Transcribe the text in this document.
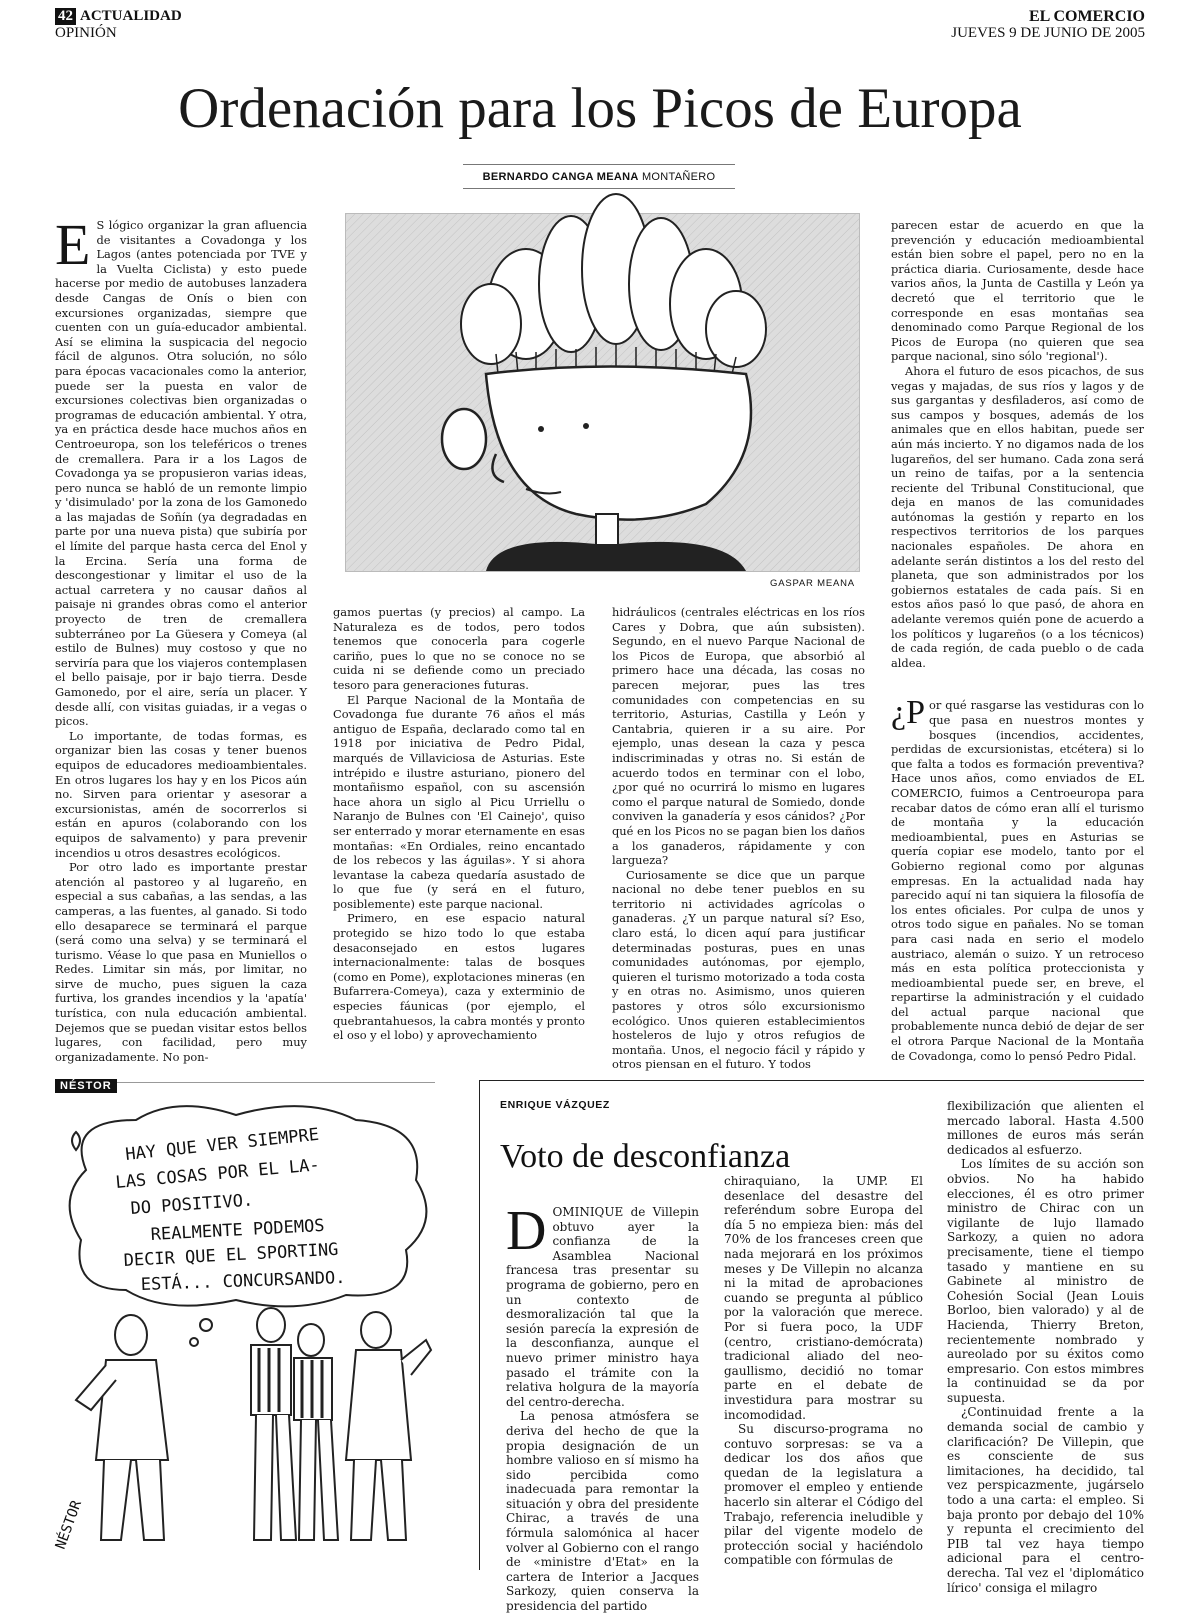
42 ACTUALIDAD
OPINIÓN
EL COMERCIO
JUEVES 9 DE JUNIO DE 2005
Ordenación para los Picos de Europa
BERNARDO CANGA MEANA MONTAÑERO

E S lógico organizar la gran afluencia de visitantes a Covadonga y los Lagos (antes potenciada por TVE y la Vuelta Ciclista) y esto puede hacerse por medio de autobuses lanzadera desde Cangas de Onís o bien con excursiones organizadas, siempre que cuenten con un guía-educador ambiental. Así se elimina la suspicacia del negocio fácil de algunos. Otra solución, no sólo para épocas vacacionales como la anterior, puede ser la puesta en valor de excursiones colectivas bien organizadas o programas de educación ambiental. Y otra, ya en práctica desde hace muchos años en Centroeuropa, son los teleféricos o trenes de cremallera. Para ir a los Lagos de Covadonga ya se propusieron varias ideas, pero nunca se habló de un remonte limpio y 'disimulado' por la zona de los Gamonedo a las majadas de Soñín (ya degradadas en parte por una nueva pista) que subiría por el límite del parque hasta cerca del Enol y la Ercina. Sería una forma de descongestionar y limitar el uso de la actual carretera y no causar daños al paisaje ni grandes obras como el anterior proyecto de tren de cremallera subterráneo por La Güesera y Comeya (al estilo de Bulnes) muy costoso y que no serviría para que los viajeros contemplasen el bello paisaje, por ir bajo tierra. Desde Gamonedo, por el aire, sería un placer. Y desde allí, con visitas guiadas, ir a vegas o picos.

Lo importante, de todas formas, es organizar bien las cosas y tener buenos equipos de educadores medioambientales. En otros lugares los hay y en los Picos aún no. Sirven para orientar y asesorar a excursionistas, amén de socorrerlos si están en apuros (colaborando con los equipos de salvamento) y para prevenir incendios u otros desastres ecológicos.

Por otro lado es importante prestar atención al pastoreo y al lugareño, en especial a sus cabañas, a las sendas, a las camperas, a las fuentes, al ganado. Si todo ello desaparece se terminará el parque (será como una selva) y se terminará el turismo. Véase lo que pasa en Muniellos o Redes. Limitar sin más, por limitar, no sirve de mucho, pues siguen la caza furtiva, los grandes incendios y la 'apatía' turística, con nula educación ambiental. Dejemos que se puedan visitar estos bellos lugares, con facilidad, pero muy organizadamente. No pon-

GASPAR MEANA

gamos puertas (y precios) al campo. La Naturaleza es de todos, pero todos tenemos que conocerla para cogerle cariño, pues lo que no se conoce no se cuida ni se defiende como un preciado tesoro para generaciones futuras.

El Parque Nacional de la Montaña de Covadonga fue durante 76 años el más antiguo de España, declarado como tal en 1918 por iniciativa de Pedro Pidal, marqués de Villaviciosa de Asturias. Este intrépido e ilustre asturiano, pionero del montañismo español, con su ascensión hace ahora un siglo al Picu Urriellu o Naranjo de Bulnes con 'El Cainejo', quiso ser enterrado y morar eternamente en esas montañas: «En Ordiales, reino encantado de los rebecos y las águilas». Y si ahora levantase la cabeza quedaría asustado de lo que fue (y será en el futuro, posiblemente) este parque nacional.

Primero, en ese espacio natural protegido se hizo todo lo que estaba desaconsejado en estos lugares internacionalmente: talas de bosques (como en Pome), explotaciones mineras (en Bufarrera-Comeya), caza y exterminio de especies fáunicas (por ejemplo, el quebrantahuesos, la cabra montés y pronto el oso y el lobo) y aprovechamiento

hidráulicos (centrales eléctricas en los ríos Cares y Dobra, que aún subsisten). Segundo, en el nuevo Parque Nacional de los Picos de Europa, que absorbió al primero hace una década, las cosas no parecen mejorar, pues las tres comunidades con competencias en su territorio, Asturias, Castilla y León y Cantabria, quieren ir a su aire. Por ejemplo, unas desean la caza y pesca indiscriminadas y otras no. Si están de acuerdo todos en terminar con el lobo, ¿por qué no ocurrirá lo mismo en lugares como el parque natural de Somiedo, donde conviven la ganadería y esos cánidos? ¿Por qué en los Picos no se pagan bien los daños a los ganaderos, rápidamente y con largueza?

Curiosamente se dice que un parque nacional no debe tener pueblos en su territorio ni actividades agrícolas o ganaderas. ¿Y un parque natural sí? Eso, claro está, lo dicen aquí para justificar determinadas posturas, pues en unas comunidades autónomas, por ejemplo, quieren el turismo motorizado a toda costa y en otras no. Asimismo, unos quieren pastores y otros sólo excursionismo ecológico. Unos quieren establecimientos hosteleros de lujo y otros refugios de montaña. Unos, el negocio fácil y rápido y otros piensan en el futuro. Y todos

parecen estar de acuerdo en que la prevención y educación medioambiental están bien sobre el papel, pero no en la práctica diaria. Curiosamente, desde hace varios años, la Junta de Castilla y León ya decretó que el territorio que le corresponde en esas montañas sea denominado como Parque Regional de los Picos de Europa (no quieren que sea parque nacional, sino sólo 'regional').

Ahora el futuro de esos picachos, de sus vegas y majadas, de sus ríos y lagos y de sus gargantas y desfiladeros, así como de sus campos y bosques, además de los animales que en ellos habitan, puede ser aún más incierto. Y no digamos nada de los lugareños, del ser humano. Cada zona será un reino de taifas, por a la sentencia reciente del Tribunal Constitucional, que deja en manos de las comunidades autónomas la gestión y reparto en los respectivos territorios de los parques nacionales españoles. De ahora en adelante serán distintos a los del resto del planeta, que son administrados por los gobiernos estatales de cada país. Si en estos años pasó lo que pasó, de ahora en adelante veremos quién pone de acuerdo a los políticos y lugareños (o a los técnicos) de cada región, de cada pueblo o de cada aldea.

¿P or qué rasgarse las vestiduras con lo que pasa en nuestros montes y bosques (incendios, accidentes, perdidas de excursionistas, etcétera) si lo que falta a todos es formación preventiva? Hace unos años, como enviados de EL COMERCIO, fuimos a Centroeuropa para recabar datos de cómo eran allí el turismo de montaña y la educación medioambiental, pues en Asturias se quería copiar ese modelo, tanto por el Gobierno regional como por algunas empresas. En la actualidad nada hay parecido aquí ni tan siquiera la filosofía de los entes oficiales. Por culpa de unos y otros todo sigue en pañales. No se toman para casi nada en serio el modelo austriaco, alemán o suizo. Y un retroceso más en esta política proteccionista y medioambiental puede ser, en breve, el repartirse la administración y el cuidado del actual parque nacional que probablemente nunca debió de dejar de ser el otrora Parque Nacional de la Montaña de Covadonga, como lo pensó Pedro Pidal.

NÉSTOR
HAY QUE VER SIEMPRE
LAS COSAS POR EL LA-
DO POSITIVO.
REALMENTE PODEMOS
DECIR QUE EL SPORTING
ESTÁ... CONCURSANDO.
NÉSTOR
ENRIQUE VÁZQUEZ
Voto de desconfianza

DOMINIQUE de Villepin obtuvo ayer la confianza de la Asamblea Nacional francesa tras presentar su programa de gobierno, pero en un contexto de desmoralización tal que la sesión parecía la expresión de la desconfianza, aunque el nuevo primer ministro haya pasado el trámite con la relativa holgura de la mayoría del centro-derecha.

La penosa atmósfera se deriva del hecho de que la propia designación de un hombre valioso en sí mismo ha sido percibida como inadecuada para remontar la situación y obra del presidente Chirac, a través de una fórmula salomónica al hacer volver al Gobierno con el rango de «ministre d'Etat» en la cartera de Interior a Jacques Sarkozy, quien conserva la presidencia del partido

chiraquiano, la UMP. El desenlace del desastre del referéndum sobre Europa del día 5 no empieza bien: más del 70% de los franceses creen que nada mejorará en los próximos meses y De Villepin no alcanza ni la mitad de aprobaciones cuando se pregunta al público por la valoración que merece. Por si fuera poco, la UDF (centro, cristiano-demócrata) tradicional aliado del neo-gaullismo, decidió no tomar parte en el debate de investidura para mostrar su incomodidad.

Su discurso-programa no contuvo sorpresas: se va a dedicar los dos años que quedan de la legislatura a promover el empleo y entiende hacerlo sin alterar el Código del Trabajo, referencia ineludible y pilar del vigente modelo de protección social y haciéndolo compatible con fórmulas de

flexibilización que alienten el mercado laboral. Hasta 4.500 millones de euros más serán dedicados al esfuerzo.

Los límites de su acción son obvios. No ha habido elecciones, él es otro primer ministro de Chirac con un vigilante de lujo llamado Sarkozy, a quien no adora precisamente, tiene el tiempo tasado y mantiene en su Gabinete al ministro de Cohesión Social (Jean Louis Borloo, bien valorado) y al de Hacienda, Thierry Breton, recientemente nombrado y aureolado por su éxitos como empresario. Con estos mimbres la continuidad se da por supuesta.

¿Continuidad frente a la demanda social de cambio y clarificación? De Villepin, que es consciente de sus limitaciones, ha decidido, tal vez perspicazmente, jugárselo todo a una carta: el empleo. Si baja pronto por debajo del 10% y repunta el crecimiento del PIB tal vez haya tiempo adicional para el centro-derecha. Tal vez el 'diplomático lírico' consiga el milagro
